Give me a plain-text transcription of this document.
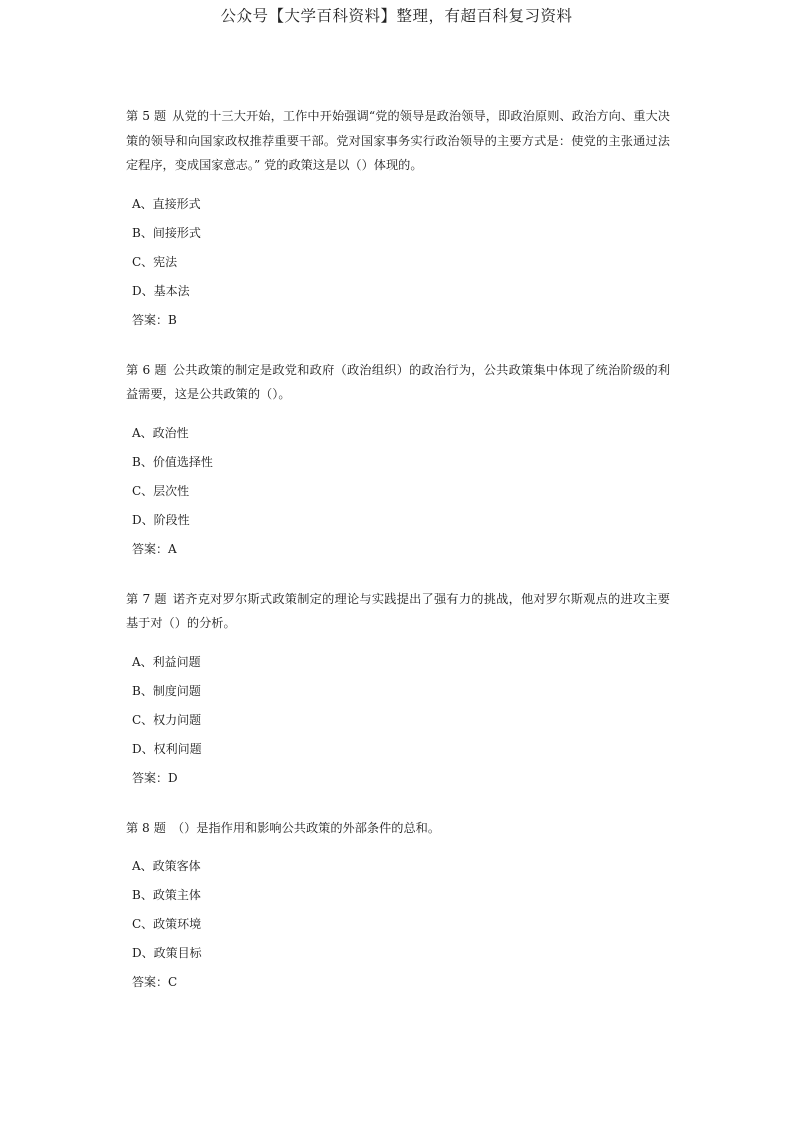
公众号【大学百科资料】整理，有超百科复习资料

第 5 题 从党的十三大开始，工作中开始强调“党的领导是政治领导，即政治原则、政治方向、重大决策的领导和向国家政权推荐重要干部。党对国家事务实行政治领导的主要方式是：使党的主张通过法定程序，变成国家意志。” 党的政策这是以（）体现的。

A、直接形式
B、间接形式
C、宪法
D、基本法
答案：B

第 6 题 公共政策的制定是政党和政府（政治组织）的政治行为，公共政策集中体现了统治阶级的利益需要，这是公共政策的（）。

A、政治性
B、价值选择性
C、层次性
D、阶段性
答案：A

第 7 题 诺齐克对罗尔斯式政策制定的理论与实践提出了强有力的挑战，他对罗尔斯观点的进攻主要基于对（）的分析。

A、利益问题
B、制度问题
C、权力问题
D、权利问题
答案：D

第 8 题 （）是指作用和影响公共政策的外部条件的总和。

A、政策客体
B、政策主体
C、政策环境
D、政策目标
答案：C
